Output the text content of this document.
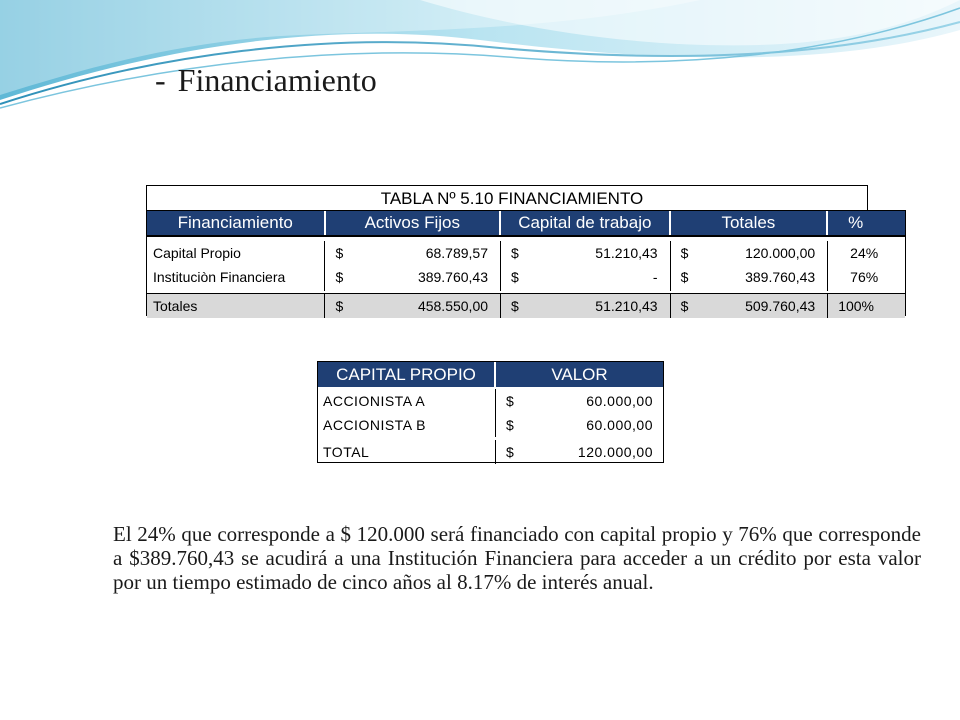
- Financiamiento
TABLA Nº 5.10 FINANCIAMIENTO
Financiamiento	Activos Fijos	Capital de trabajo	Totales	%
Capital Propio	$	68.789,57 $	51.210,43 $	120.000,00	24%
Instituciòn Financiera	$	389.760,43 $	- $	389.760,43	76%
Totales	$	458.550,00 $	51.210,43 $	509.760,43	100%
CAPITAL PROPIO	VALOR
ACCIONISTA A	$	60.000,00
ACCIONISTA B	$	60.000,00
TOTAL	$	120.000,00

El 24% que corresponde a $ 120.000 será financiado con capital propio y 76% que corresponde a $389.760,43 se acudirá a una Institución Financiera para acceder a un crédito por esta valor por un tiempo estimado de cinco años al 8.17% de interés anual.
